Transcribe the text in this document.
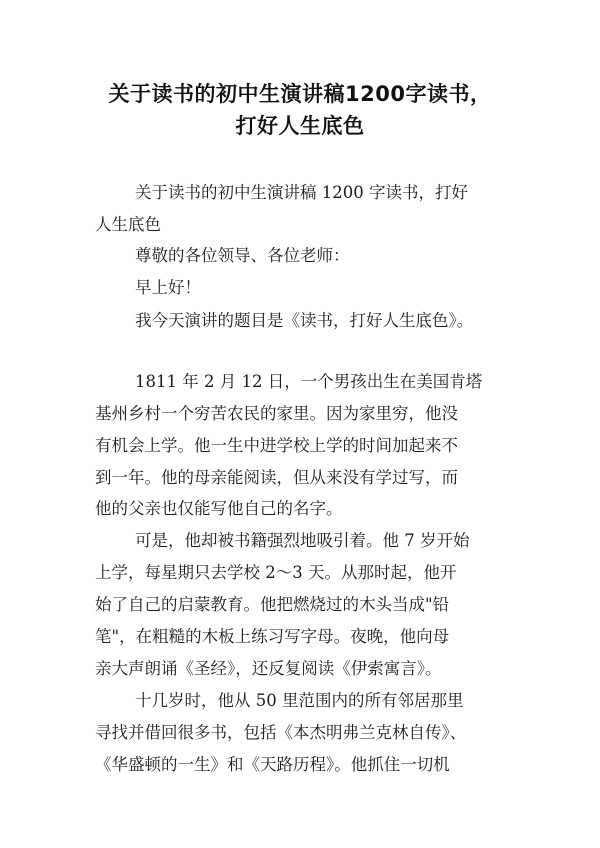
关于读书的初中生演讲稿1200字读书，
打好人生底色
关于读书的初中生演讲稿 1200 字读书，打好
人生底色
尊敬的各位领导、各位老师：
早上好！
我今天演讲的题目是《读书，打好人生底色》。
1811 年 2 月 12 日，一个男孩出生在美国肯塔
基州乡村一个穷苦农民的家里。因为家里穷，他没
有机会上学。他一生中进学校上学的时间加起来不
到一年。他的母亲能阅读，但从来没有学过写，而
他的父亲也仅能写他自己的名字。
可是，他却被书籍强烈地吸引着。他 7 岁开始
上学，每星期只去学校 2～3 天。从那时起，他开
始了自己的启蒙教育。他把燃烧过的木头当成"铅
笔"，在粗糙的木板上练习写字母。夜晚，他向母
亲大声朗诵《圣经》，还反复阅读《伊索寓言》。
十几岁时，他从 50 里范围内的所有邻居那里
寻找并借回很多书，包括《本杰明弗兰克林自传》、
《华盛顿的一生》和《天路历程》。他抓住一切机
